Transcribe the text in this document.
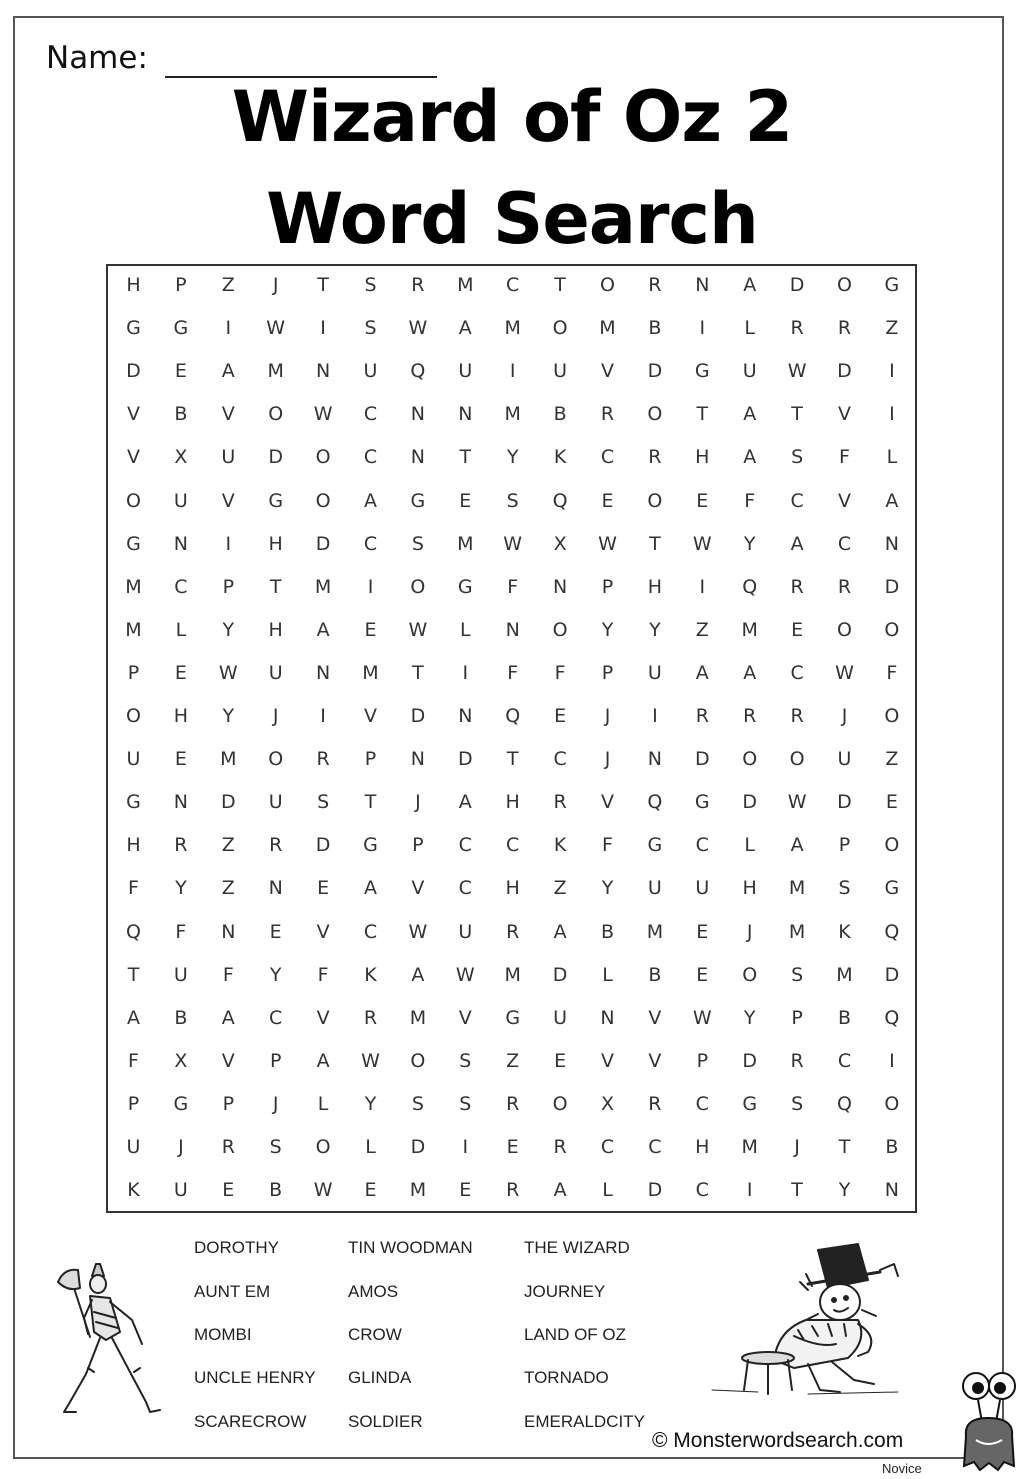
Name:
Wizard of Oz 2
Word Search
H	P	Z	J	T	S	R	M	C	T	O	R	N	A	D	O	G
G	G	I	W	I	S	W	A	M	O	M	B	I	L	R	R	Z
D	E	A	M	N	U	Q	U	I	U	V	D	G	U	W	D	I
V	B	V	O	W	C	N	N	M	B	R	O	T	A	T	V	I
V	X	U	D	O	C	N	T	Y	K	C	R	H	A	S	F	L
O	U	V	G	O	A	G	E	S	Q	E	O	E	F	C	V	A
G	N	I	H	D	C	S	M	W	X	W	T	W	Y	A	C	N
M	C	P	T	M	I	O	G	F	N	P	H	I	Q	R	R	D
M	L	Y	H	A	E	W	L	N	O	Y	Y	Z	M	E	O	O
P	E	W	U	N	M	T	I	F	F	P	U	A	A	C	W	F
O	H	Y	J	I	V	D	N	Q	E	J	I	R	R	R	J	O
U	E	M	O	R	P	N	D	T	C	J	N	D	O	O	U	Z
G	N	D	U	S	T	J	A	H	R	V	Q	G	D	W	D	E
H	R	Z	R	D	G	P	C	C	K	F	G	C	L	A	P	O
F	Y	Z	N	E	A	V	C	H	Z	Y	U	U	H	M	S	G
Q	F	N	E	V	C	W	U	R	A	B	M	E	J	M	K	Q
T	U	F	Y	F	K	A	W	M	D	L	B	E	O	S	M	D
A	B	A	C	V	R	M	V	G	U	N	V	W	Y	P	B	Q
F	X	V	P	A	W	O	S	Z	E	V	V	P	D	R	C	I
P	G	P	J	L	Y	S	S	R	O	X	R	C	G	S	Q	O
U	J	R	S	O	L	D	I	E	R	C	C	H	M	J	T	B
K	U	E	B	W	E	M	E	R	A	L	D	C	I	T	Y	N
DOROTHY
AUNT EM
MOMBI
UNCLE HENRY
SCARECROW
TIN WOODMAN
AMOS
CROW
GLINDA
SOLDIER
THE WIZARD
JOURNEY
LAND OF OZ
TORNADO
EMERALDCITY
© Monsterwordsearch.com
Novice
